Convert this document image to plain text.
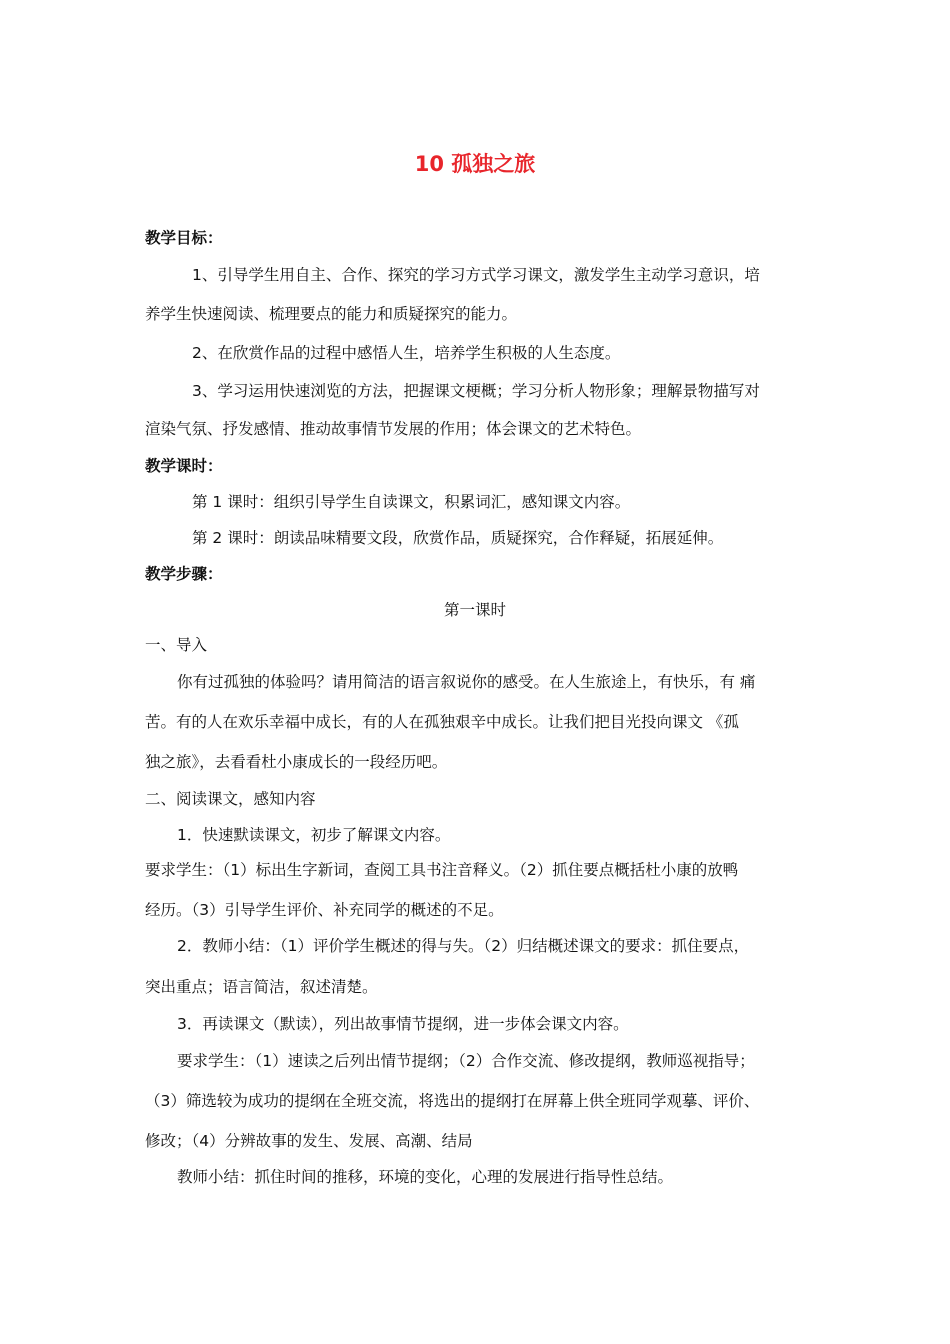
10 孤独之旅
教学目标：
1、引导学生用自主、合作、探究的学习方式学习课文，激发学生主动学习意识，培
养学生快速阅读、梳理要点的能力和质疑探究的能力。
2、在欣赏作品的过程中感悟人生，培养学生积极的人生态度。
3、学习运用快速浏览的方法，把握课文梗概；学习分析人物形象；理解景物描写对
渲染气氛、抒发感情、推动故事情节发展的作用；体会课文的艺术特色。
教学课时：
第 1 课时：组织引导学生自读课文，积累词汇，感知课文内容。
第 2 课时：朗读品味精要文段，欣赏作品，质疑探究，合作释疑，拓展延伸。
教学步骤：
第一课时
一、导入
你有过孤独的体验吗？请用简洁的语言叙说你的感受。在人生旅途上，有快乐，有 痛
苦。有的人在欢乐幸福中成长，有的人在孤独艰辛中成长。让我们把目光投向课文 《孤
独之旅》，去看看杜小康成长的一段经历吧。
二、阅读课文，感知内容
1．快速默读课文，初步了解课文内容。
要求学生：（1）标出生字新词，查阅工具书注音释义。（2）抓住要点概括杜小康的放鸭
经历。（3）引导学生评价、补充同学的概述的不足。
2．教师小结：（1）评价学生概述的得与失。（2）归结概述课文的要求：抓住要点，
突出重点；语言简洁，叙述清楚。
3．再读课文（默读），列出故事情节提纲，进一步体会课文内容。
要求学生：（1）速读之后列出情节提纲；（2）合作交流、修改提纲，教师巡视指导；
（3）筛选较为成功的提纲在全班交流，将选出的提纲打在屏幕上供全班同学观摹、评价、
修改；（4）分辨故事的发生、发展、高潮、结局
教师小结：抓住时间的推移，环境的变化，心理的发展进行指导性总结。
